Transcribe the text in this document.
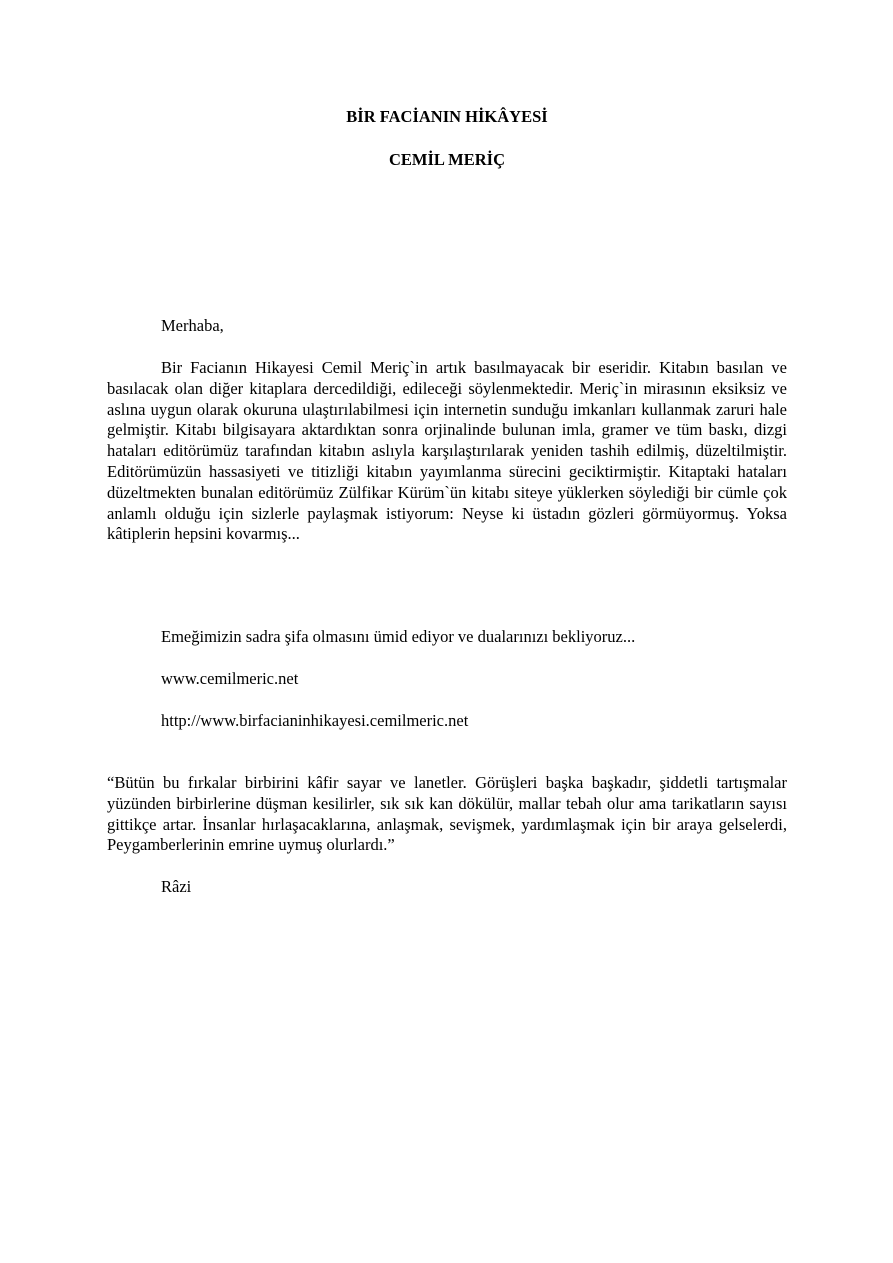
BİR FACİANIN HİKÂYESİ
CEMİL MERİÇ
Merhaba,

Bir Facianın Hikayesi Cemil Meriç`in artık basılmayacak bir eseridir. Kitabın basılan ve basılacak olan diğer kitaplara dercedildiği, edileceği söylenmektedir. Meriç`in mirasının eksiksiz ve aslına uygun olarak okuruna ulaştırılabilmesi için internetin sunduğu imkanları kullanmak zaruri hale gelmiştir. Kitabı bilgisayara aktardıktan sonra orjinalinde bulunan imla, gramer ve tüm baskı, dizgi hataları editörümüz tarafından kitabın aslıyla karşılaştırılarak yeniden tashih edilmiş, düzeltilmiştir. Editörümüzün hassasiyeti ve titizliği kitabın yayımlanma sürecini geciktirmiştir. Kitaptaki hataları düzeltmekten bunalan editörümüz Zülfikar Kürüm`ün kitabı siteye yüklerken söylediği bir cümle çok anlamlı olduğu için sizlerle paylaşmak istiyorum: Neyse ki üstadın gözleri görmüyormuş. Yoksa kâtiplerin hepsini kovarmış...

Emeğimizin sadra şifa olmasını ümid ediyor ve dualarınızı bekliyoruz...
www.cemilmeric.net
http://www.birfacianinhikayesi.cemilmeric.net

“Bütün bu fırkalar birbirini kâfir sayar ve lanetler. Görüşleri başka başkadır, şiddetli tartışmalar yüzünden birbirlerine düşman kesilirler, sık sık kan dökülür, mallar tebah olur ama tarikatların sayısı gittikçe artar. İnsanlar hırlaşacaklarına, anlaşmak, sevişmek, yardımlaşmak için bir araya gelselerdi, Peygamberlerinin emrine uymuş olurlardı.”

Râzi
